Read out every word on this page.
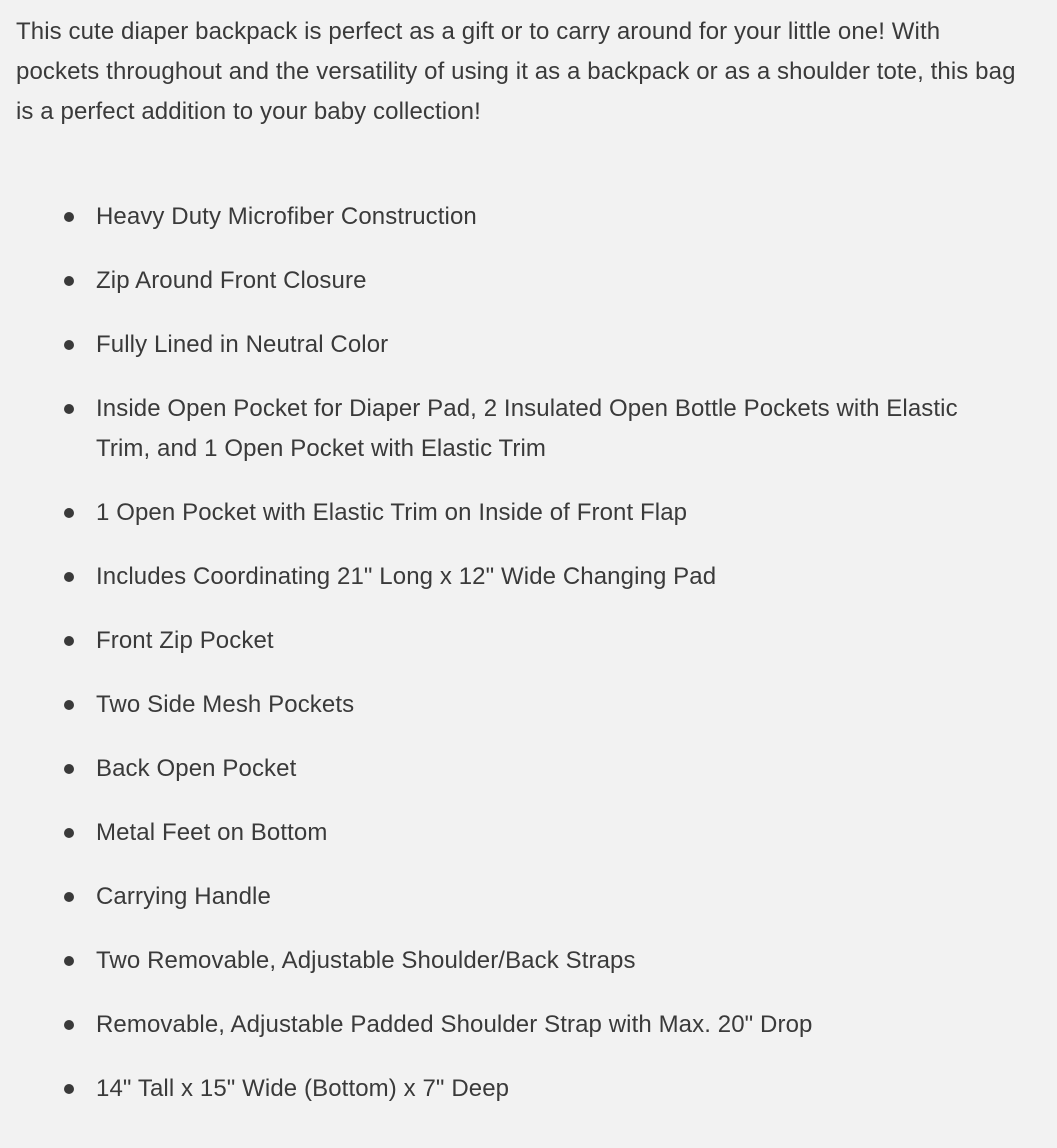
This cute diaper backpack is perfect as a gift or to carry around for your little one! With pockets throughout and the versatility of using it as a backpack or as a shoulder tote, this bag is a perfect addition to your baby collection!

Heavy Duty Microfiber Construction
Zip Around Front Closure
Fully Lined in Neutral Color
Inside Open Pocket for Diaper Pad, 2 Insulated Open Bottle Pockets with Elastic Trim, and 1 Open Pocket with Elastic Trim
1 Open Pocket with Elastic Trim on Inside of Front Flap
Includes Coordinating 21" Long x 12" Wide Changing Pad
Front Zip Pocket
Two Side Mesh Pockets
Back Open Pocket
Metal Feet on Bottom
Carrying Handle
Two Removable, Adjustable Shoulder/Back Straps
Removable, Adjustable Padded Shoulder Strap with Max. 20" Drop
14" Tall x 15" Wide (Bottom) x 7" Deep
